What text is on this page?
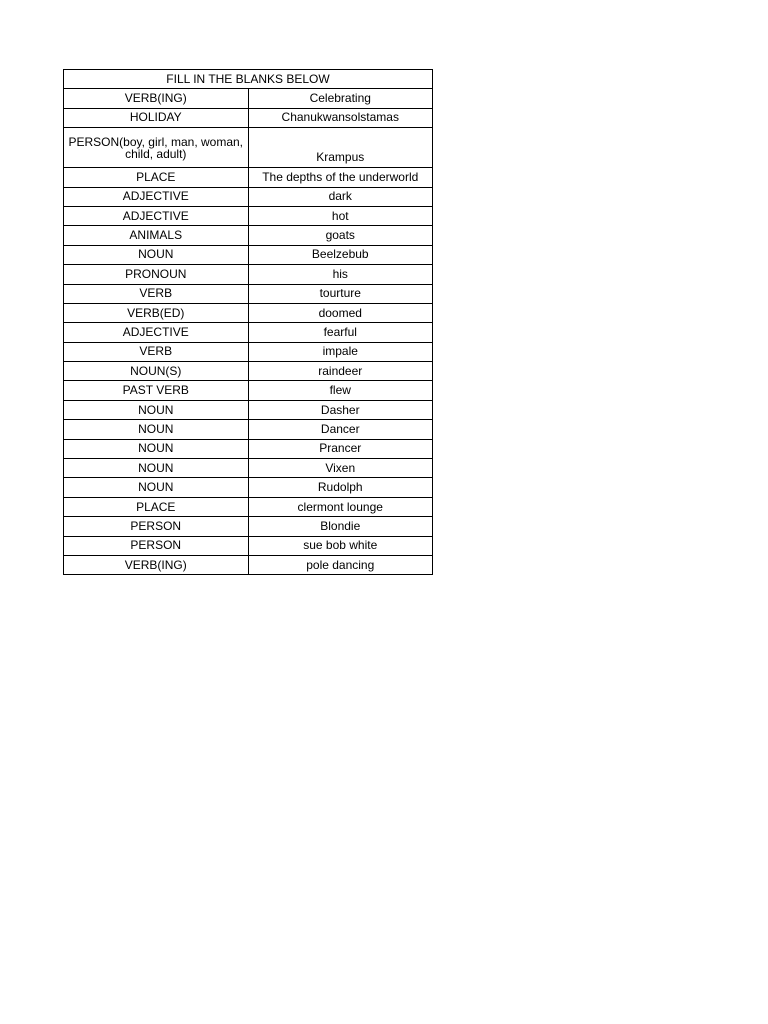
FILL IN THE BLANKS BELOW	
VERB(ING)	Celebrating
HOLIDAY	Chanukwansolstamas
PERSON(boy, girl, man, woman, child, adult)	Krampus
PLACE	The depths of the underworld
ADJECTIVE	dark
ADJECTIVE	hot
ANIMALS	goats
NOUN	Beelzebub
PRONOUN	his
VERB	tourture
VERB(ED)	doomed
ADJECTIVE	fearful
VERB	impale
NOUN(S)	raindeer
PAST VERB	flew
NOUN	Dasher
NOUN	Dancer
NOUN	Prancer
NOUN	Vixen
NOUN	Rudolph
PLACE	clermont lounge
PERSON	Blondie
PERSON	sue bob white
VERB(ING)	pole dancing
